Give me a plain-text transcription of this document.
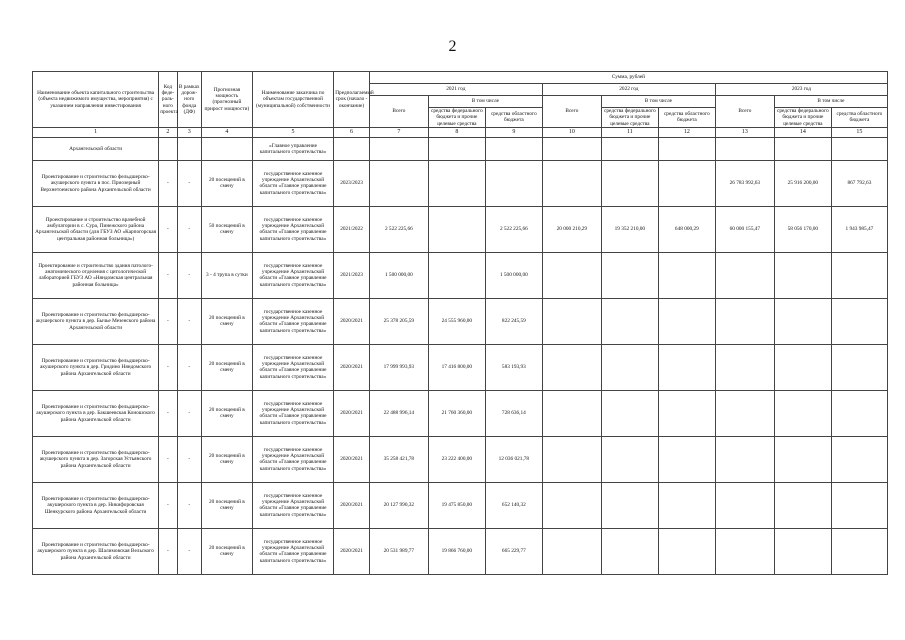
2
Наименование объекта капитального строительства (объекта недвижимого имущества, мероприятия) с указанием направления инвестирования	Код феде-раль-ного проекта	В рамках дорож-ного фонда (ДФ)	Прогнозная мощность (прогнозный прирост мощности)	Наименование заказчика по объектам государственной (муниципальной) собственности	Предполагаемый срок (начало - окончание)	Сумма, рублей								
						2021 год			2022 год			2023 год		
						Всего	В том числе		Всего	В том числе		Всего	В том числе	
							средства федерального бюджета и прочие целевые средства	средства областного бюджета		средства федерального бюджета и прочие целевые средства	средства областного бюджета		средства федерального бюджета и прочие целевые средства	средства областного бюджета
1	2	3	4	5	6	7	8	9	10	11	12	13	14	15
Архангельской области				«Главное управление капитального строительства»										
Проектирование и строительство фельдшерско-акушерского пункта в пос. Приозерный Верхнетоемского района Архангельской области	-	-	20 посещений в смену	государственное казенное учреждение Архангельской области «Главное управление капитального строительства»	2023/2023							26 783 992,63	25 916 200,00	867 792,63
Проектирование и строительство врачебной амбулатории в с. Сура, Пинежского района Архангельской области (для ГБУЗ АО «Карпогорская центральная районная больница»)	-	-	50 посещений в смену	государственное казенное учреждение Архангельской области «Главное управление капитального строительства»	2021/2022	2 522 225,66		2 522 225,66	20 000 210,29	19 352 210,00	648 000,29	60 000 155,47	58 056 170,00	1 943 985,47
Проектирование и строительство здания патолого-анатомического отделения с цитологической лабораторией ГБУЗ АО «Няндомская центральная районная больница»	-	-	3 - 4 трупа в сутки	государственное казенное учреждение Архангельской области «Главное управление капитального строительства»	2021/2023	1 500 000,00		1 500 000,00						
Проектирование и строительство фельдшерско-акушерского пункта в дер. Бычье Мезенского района Архангельской области	-	-	20 посещений в смену	государственное казенное учреждение Архангельской области «Главное управление капитального строительства»	2020/2021	25 378 205,59	24 555 960,00	822 245,59						
Проектирование и строительство фельдшерско-акушерского пункта в дер. Гридино Няндомского района Архангельской области	-	-	20 посещений в смену	государственное казенное учреждение Архангельской области «Главное управление капитального строительства»	2020/2021	17 999 993,93	17 416 800,00	583 193,93						
Проектирование и строительство фельдшерско-акушерского пункта в дер. Бакшеевская Коношского района Архангельской области	-	-	20 посещений в смену	государственное казенное учреждение Архангельской области «Главное управление капитального строительства»	2020/2021	22 488 996,14	21 760 360,00	728 636,14						
Проектирование и строительство фельдшерско-акушерского пункта в дер. Загорская Устьянского района Архангельской области	-	-	20 посещений в смену	государственное казенное учреждение Архангельской области «Главное управление капитального строительства»	2020/2021	35 258 421,78	23 222 400,00	12 036 021,78						
Проектирование и строительство фельдшерско-акушерского пункта в дер. Никифоровская Шенкурского района Архангельской области	-	-	20 посещений в смену	государственное казенное учреждение Архангельской области «Главное управление капитального строительства»	2020/2021	20 127 990,32	19 475 850,00	652 140,32						
Проектирование и строительство фельдшерско-акушерского пункта в дер. Шалимовская Вельского района Архангельской области	-	-	20 посещений в смену	государственное казенное учреждение Архангельской области «Главное управление капитального строительства»	2020/2021	20 531 989,77	19 866 760,00	665 229,77						
